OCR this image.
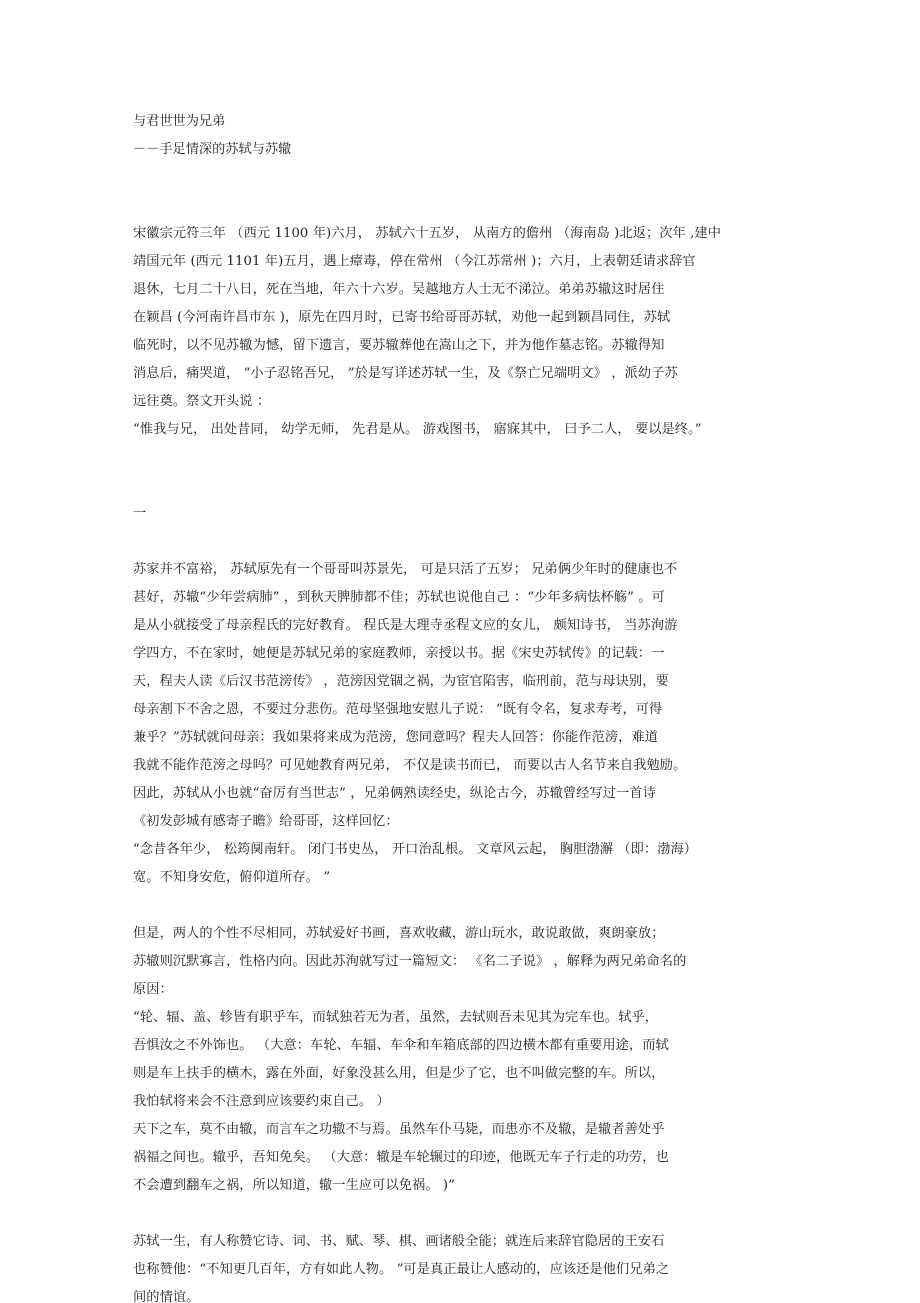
与君世世为兄弟
－－手足情深的苏轼与苏辙
宋徽宗元符三年 （西元 1100 年)六月， 苏轼六十五岁， 从南方的儋州 （海南岛 )北返；次年 ,建中
靖国元年 (西元 1101 年)五月，遇上瘴毒，停在常州 （今江苏常州 )；六月，上表朝廷请求辞官
退休，七月二十八日，死在当地，年六十六岁。吴越地方人士无不涕泣。弟弟苏辙这时居住
在颖昌 (今河南许昌市东 )，原先在四月时，已寄书给哥哥苏轼，劝他一起到颖昌同住，苏轼
临死时，以不见苏辙为憾，留下遗言，要苏辙葬他在嵩山之下，并为他作墓志铭。苏辙得知
消息后，痛哭道， “小子忍铭吾兄， ”於是写详述苏轼一生，及《祭亡兄端明文》 ，派幼子苏
远往奠。祭文开头说 ：
“惟我与兄， 出处昔同， 幼学无师， 先君是从。 游戏图书， 寤寐其中， 曰予二人， 要以是终。”
一
苏家并不富裕， 苏轼原先有一个哥哥叫苏景先， 可是只活了五岁； 兄弟俩少年时的健康也不
甚好，苏辙“少年尝病肺” ，到秋天脾肺都不佳；苏轼也说他自己 ：“少年多病怯杯觞” 。可
是从小就接受了母亲程氏的完好教育。 程氏是大理寺丞程文应的女儿， 颇知诗书， 当苏洵游
学四方，不在家时，她便是苏轼兄弟的家庭教师，亲授以书。据《宋史苏轼传》的记载：一
天，程夫人读《后汉书范滂传》 ，范滂因党锢之祸，为宦官陷害，临刑前，范与母诀别，要
母亲割下不舍之恩，不要过分悲伤。范母坚强地安慰儿子说： “既有令名，复求寿考，可得
兼乎？”苏轼就问母亲：我如果将来成为范滂，您同意吗？程夫人回答：你能作范滂，难道
我就不能作范滂之母吗？可见她教育两兄弟， 不仅是读书而已， 而要以古人名节来自我勉励。
因此，苏轼从小也就“奋厉有当世志” ，兄弟俩熟读经史，纵论古今，苏辙曾经写过一首诗
《初发彭城有感寄子瞻》给哥哥，这样回忆：
“念昔各年少， 松筠阒南轩。 闭门书史丛， 开口治乱根。 文章风云起， 胸胆渤澥 （即：渤海）
宽。不知身安危，俯仰道所存。 ”
但是，两人的个性不尽相同，苏轼爱好书画，喜欢收藏，游山玩水，敢说敢做，爽朗豪放；
苏辙则沉默寡言，性格内向。因此苏洵就写过一篇短文： 《名二子说》 ，解释为两兄弟命名的
原因：
“轮、辐、盖、轸皆有职乎车，而轼独若无为者，虽然，去轼则吾未见其为完车也。轼乎，
吾惧汝之不外饰也。 （大意：车轮、车辐、车伞和车箱底部的四边横木都有重要用途，而轼
则是车上扶手的横木，露在外面，好象没甚么用，但是少了它，也不叫做完整的车。所以，
我怕轼将来会不注意到应该要约束自己。 ）
天下之车，莫不由辙，而言车之功辙不与焉。虽然车仆马毙，而患亦不及辙，是辙者善处乎
祸福之间也。辙乎，吾知免矣。 （大意：辙是车轮辗过的印迹，他既无车子行走的功劳，也
不会遭到翻车之祸，所以知道，辙一生应可以免祸。 )”
苏轼一生，有人称赞它诗、词、书、赋、琴、棋、画诸般全能；就连后来辞官隐居的王安石
也称赞他：“不知更几百年，方有如此人物。 ”可是真正最让人感动的，应该还是他们兄弟之
间的情谊。
